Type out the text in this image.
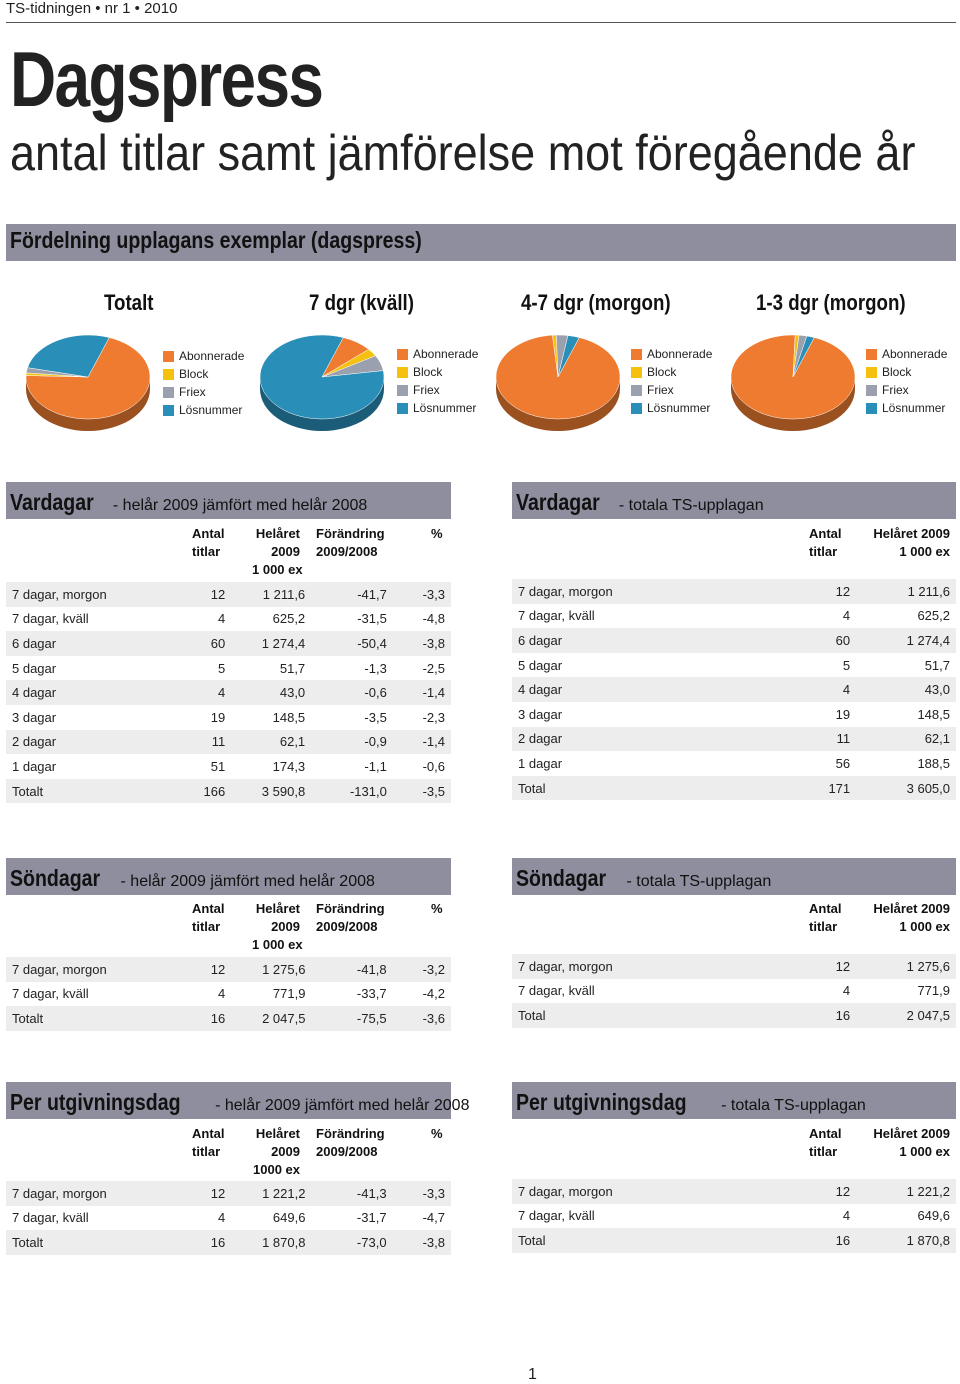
TS-tidningen • nr 1 • 2010
Dagspress
antal titlar samt jämförelse mot föregående år
Fördelning upplagans exemplar (dagspress)
Totalt	7 dgr (kväll)	4-7 dgr (morgon)	1-3 dgr (morgon)
Abonnerade
Block
Friex
Lösnummer
Abonnerade
Block
Friex
Lösnummer
Abonnerade
Block
Friex
Lösnummer
Abonnerade
Block
Friex
Lösnummer
Vardagar - helår 2009 jämfört med helår 2008
Antal
titlar
Helåret
2009
1 000 ex
Förändring
2009/2008
%
7 dagar, morgon	12	1 211,6	-41,7	-3,3
7 dagar, kväll	4	625,2	-31,5	-4,8
6 dagar	60	1 274,4	-50,4	-3,8
5 dagar	5	51,7	-1,3	-2,5
4 dagar	4	43,0	-0,6	-1,4
3 dagar	19	148,5	-3,5	-2,3
2 dagar	11	62,1	-0,9	-1,4
1 dagar	51	174,3	-1,1	-0,6
Totalt	166	3 590,8	-131,0	-3,5
Vardagar - totala TS-upplagan
Antal
titlar
Helåret 2009
1 000 ex
7 dagar, morgon	12	1 211,6
7 dagar, kväll	4	625,2
6 dagar	60	1 274,4
5 dagar	5	51,7
4 dagar	4	43,0
3 dagar	19	148,5
2 dagar	11	62,1
1 dagar	56	188,5
Total	171	3 605,0
Söndagar - helår 2009 jämfört med helår 2008
Antal
titlar
Helåret
2009
1 000 ex
Förändring
2009/2008
%
7 dagar, morgon	12	1 275,6	-41,8	-3,2
7 dagar, kväll	4	771,9	-33,7	-4,2
Totalt	16	2 047,5	-75,5	-3,6
Söndagar - totala TS-upplagan
Antal
titlar
Helåret 2009
1 000 ex
7 dagar, morgon	12	1 275,6
7 dagar, kväll	4	771,9
Total	16	2 047,5
Per utgivningsdag - helår 2009 jämfört med helår 2008
Antal
titlar
Helåret
2009
1000 ex
Förändring
2009/2008
%
7 dagar, morgon	12	1 221,2	-41,3	-3,3
7 dagar, kväll	4	649,6	-31,7	-4,7
Totalt	16	1 870,8	-73,0	-3,8
Per utgivningsdag - totala TS-upplagan
Antal
titlar
Helåret 2009
1 000 ex
7 dagar, morgon	12	1 221,2
7 dagar, kväll	4	649,6
Total	16	1 870,8
1
